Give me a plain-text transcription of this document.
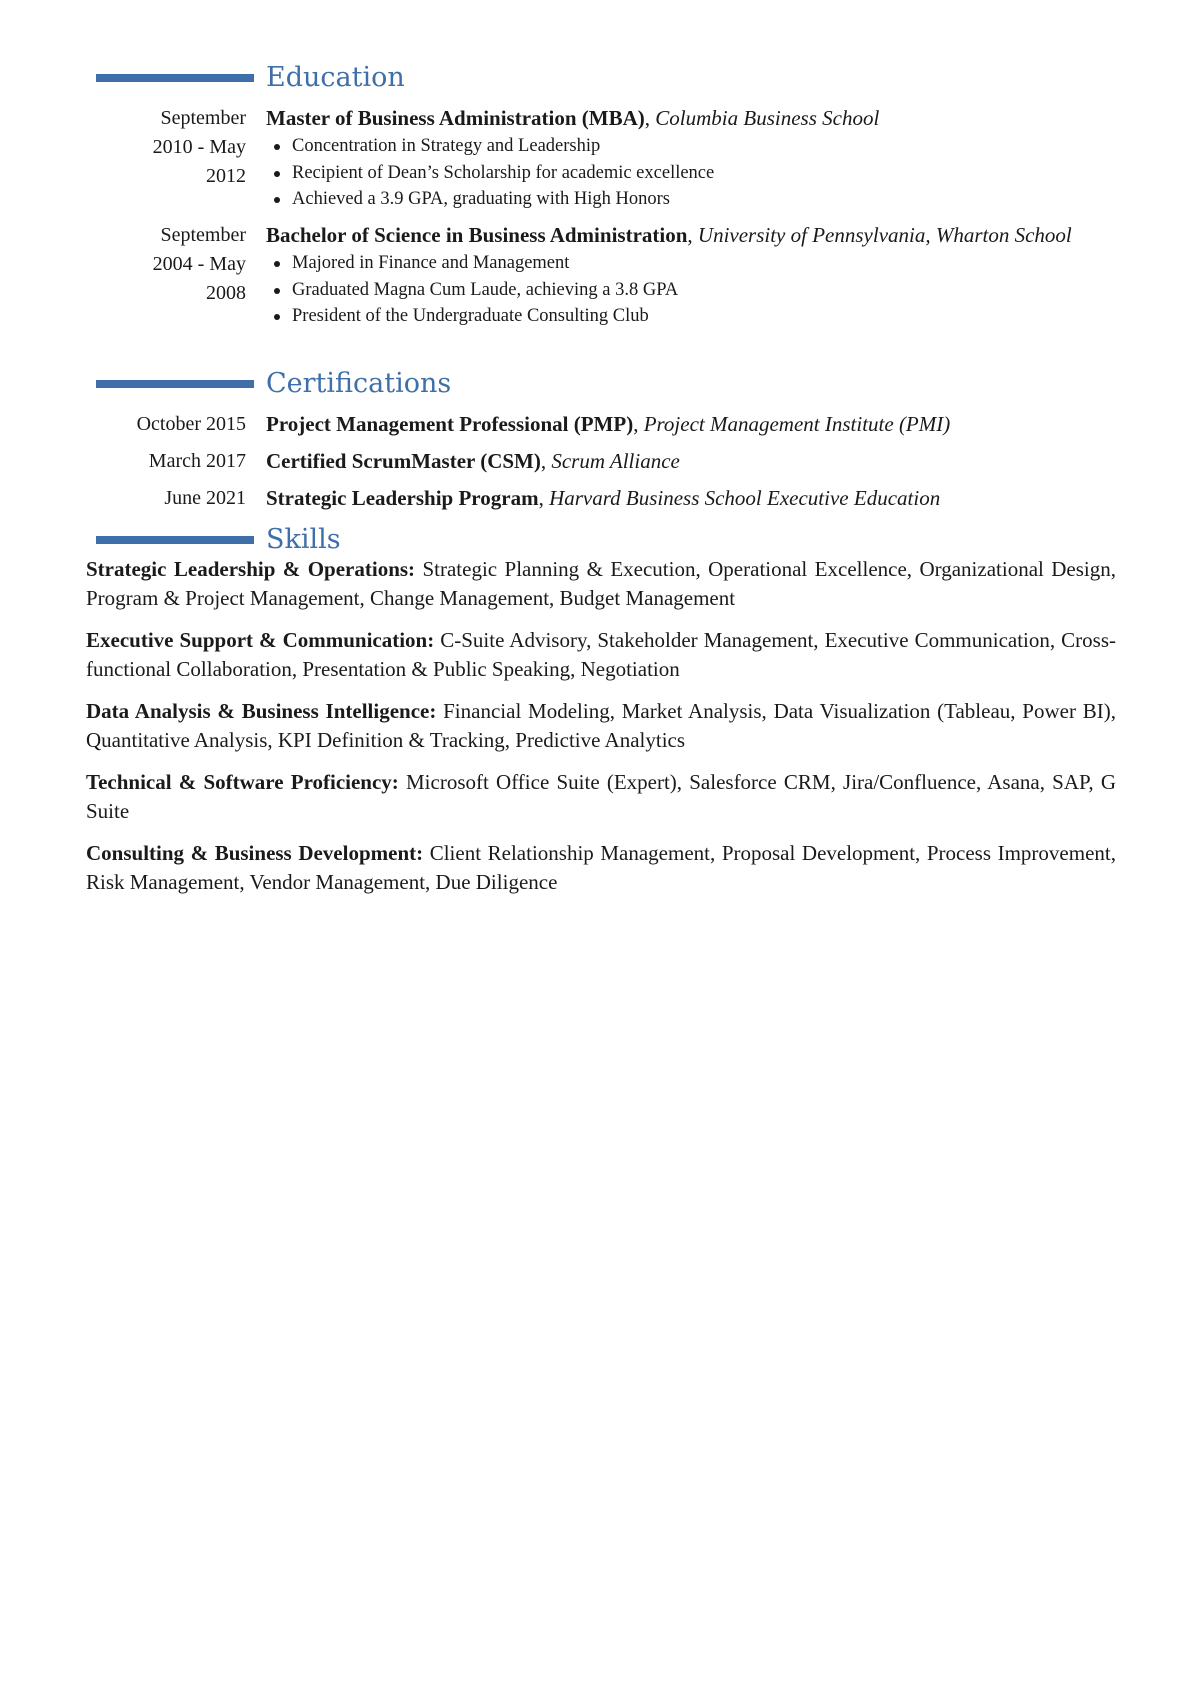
Education
September
2010 - May
2012
Master of Business Administration (MBA), Columbia Business School
Concentration in Strategy and Leadership
Recipient of Dean’s Scholarship for academic excellence
Achieved a 3.9 GPA, graduating with High Honors
September
2004 - May
2008
Bachelor of Science in Business Administration, University of Pennsylvania, Wharton School
Majored in Finance and Management
Graduated Magna Cum Laude, achieving a 3.8 GPA
President of the Undergraduate Consulting Club
Certifications
October 2015 Project Management Professional (PMP), Project Management Institute (PMI)
March 2017 Certified ScrumMaster (CSM), Scrum Alliance
June 2021 Strategic Leadership Program, Harvard Business School Executive Education
Skills
Strategic Leadership & Operations: Strategic Planning & Execution, Operational Excellence, Organizational Design, Program & Project Management, Change Management, Budget Management
Executive Support & Communication: C-Suite Advisory, Stakeholder Management, Executive Communication, Cross-functional Collaboration, Presentation & Public Speaking, Negotiation
Data Analysis & Business Intelligence: Financial Modeling, Market Analysis, Data Visualization (Tableau, Power BI), Quantitative Analysis, KPI Definition & Tracking, Predictive Analytics
Technical & Software Proficiency: Microsoft Office Suite (Expert), Salesforce CRM, Jira/Confluence, Asana, SAP, G Suite
Consulting & Business Development: Client Relationship Management, Proposal Development, Process Improvement, Risk Management, Vendor Management, Due Diligence
